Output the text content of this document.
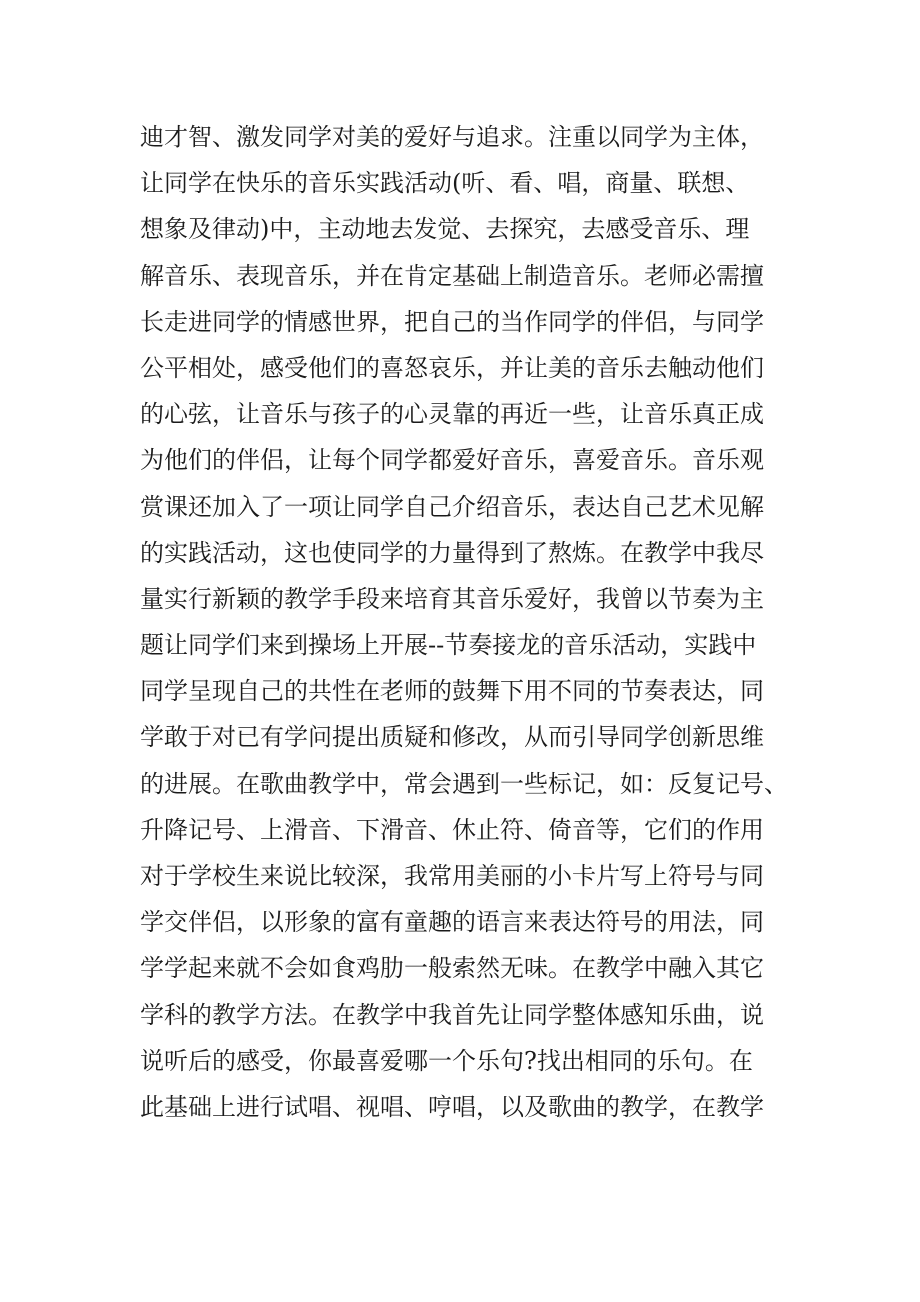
迪才智、激发同学对美的爱好与追求。注重以同学为主体，
让同学在快乐的音乐实践活动(听、看、唱，商量、联想、
想象及律动)中，主动地去发觉、去探究，去感受音乐、理
解音乐、表现音乐，并在肯定基础上制造音乐。老师必需擅
长走进同学的情感世界，把自己的当作同学的伴侣，与同学
公平相处，感受他们的喜怒哀乐，并让美的音乐去触动他们
的心弦，让音乐与孩子的心灵靠的再近一些，让音乐真正成
为他们的伴侣，让每个同学都爱好音乐，喜爱音乐。音乐观
赏课还加入了一项让同学自己介绍音乐，表达自己艺术见解
的实践活动，这也使同学的力量得到了熬炼。在教学中我尽
量实行新颖的教学手段来培育其音乐爱好，我曾以节奏为主
题让同学们来到操场上开展--节奏接龙的音乐活动，实践中
同学呈现自己的共性在老师的鼓舞下用不同的节奏表达，同
学敢于对已有学问提出质疑和修改，从而引导同学创新思维
的进展。在歌曲教学中，常会遇到一些标记，如：反复记号、
升降记号、上滑音、下滑音、休止符、倚音等，它们的作用
对于学校生来说比较深，我常用美丽的小卡片写上符号与同
学交伴侣，以形象的富有童趣的语言来表达符号的用法，同
学学起来就不会如食鸡肋一般索然无味。在教学中融入其它
学科的教学方法。在教学中我首先让同学整体感知乐曲，说
说听后的感受，你最喜爱哪一个乐句?找出相同的乐句。在
此基础上进行试唱、视唱、哼唱，以及歌曲的教学，在教学
